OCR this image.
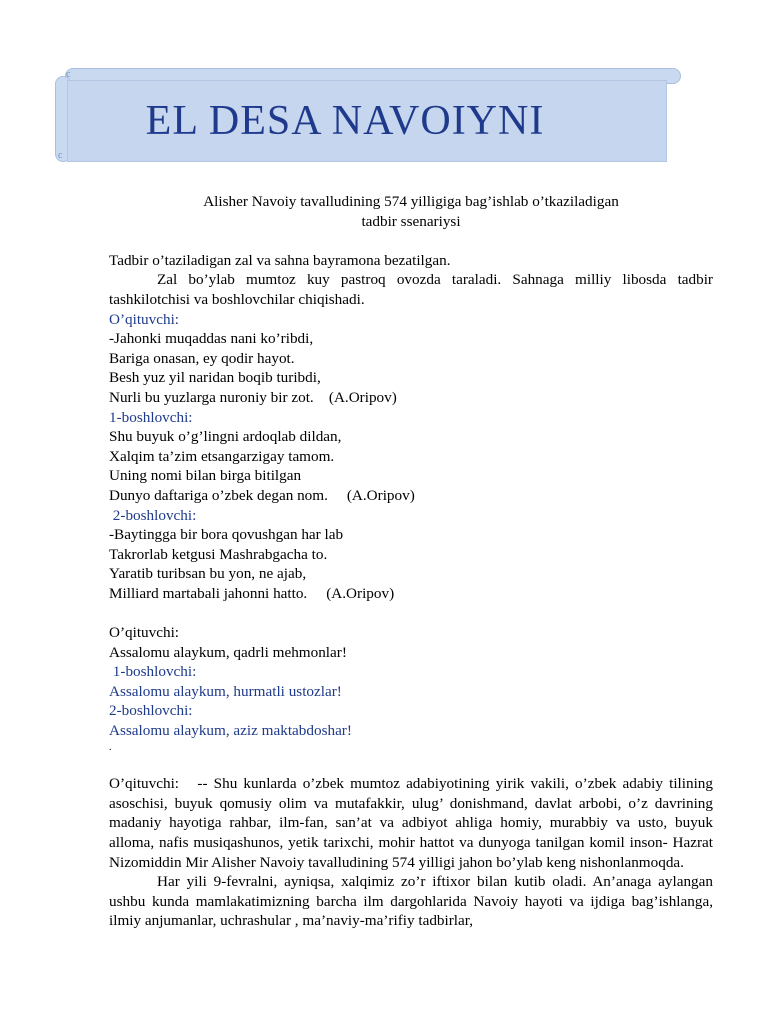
c
c
EL DESA NAVOIYNI

Alisher Navoiy tavalludining 574 yilligiga bag’ishlab o’tkaziladigan

tadbir ssenariysi

Tadbir o’taziladigan zal va sahna bayramona bezatilgan.

Zal bo’ylab mumtoz kuy pastroq ovozda taraladi. Sahnaga milliy libosda tadbir tashkilotchisi va boshlovchilar chiqishadi.

O’qituvchi:

-Jahonki muqaddas nani ko’ribdi,

Bariga onasan, ey qodir hayot.

Besh yuz yil naridan boqib turibdi,

Nurli bu yuzlarga nuroniy bir zot.    (A.Oripov)

1-boshlovchi:

Shu buyuk o’g’lingni ardoqlab dildan,

Xalqim ta’zim etsangarzigay tamom.

Uning nomi bilan birga bitilgan

Dunyo daftariga o’zbek degan nom.     (A.Oripov)

2-boshlovchi:

-Baytingga bir bora qovushgan har lab

Takrorlab ketgusi Mashrabgacha to.

Yaratib turibsan bu yon, ne ajab,

Milliard martabali jahonni hatto.     (A.Oripov)

O’qituvchi:

Assalomu alaykum, qadrli mehmonlar!

1-boshlovchi:

Assalomu alaykum, hurmatli ustozlar!

2-boshlovchi:

Assalomu alaykum, aziz maktabdoshar!

.

O’qituvchi:   -- Shu kunlarda o’zbek mumtoz adabiyotining yirik vakili, o’zbek adabiy tilining asoschisi, buyuk qomusiy olim va mutafakkir, ulug’ donishmand, davlat arbobi, o’z davrining madaniy hayotiga rahbar, ilm-fan, san’at va adbiyot ahliga homiy, murabbiy va usto, buyuk alloma, nafis musiqashunos, yetik tarixchi, mohir hattot va dunyoga tanilgan komil inson- Hazrat  Nizomiddin Mir Alisher Navoiy tavalludining 574 yilligi jahon bo’ylab keng nishonlanmoqda.

Har yili 9-fevralni, ayniqsa, xalqimiz zo’r iftixor bilan kutib oladi. An’anaga aylangan ushbu kunda mamlakatimizning barcha ilm dargohlarida Navoiy hayoti va ijdiga bag’ishlanga, ilmiy anjumanlar, uchrashular , ma’naviy-ma’rifiy tadbirlar,
